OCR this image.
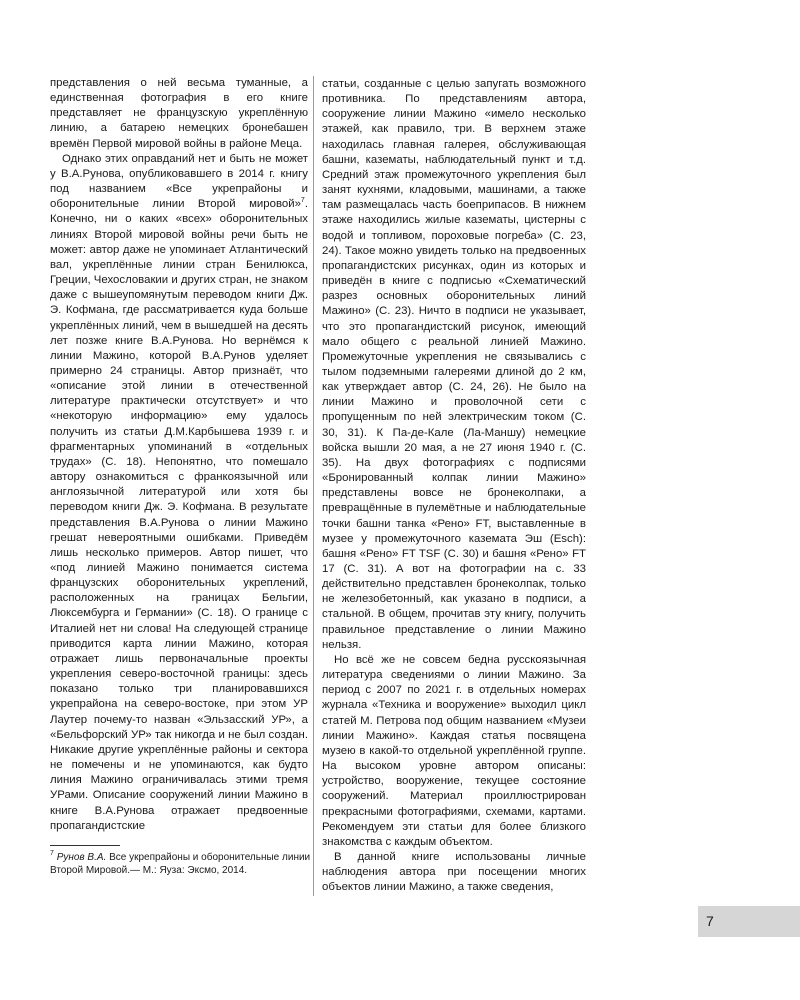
представления о ней весьма туманные, а единственная фотография в его книге представляет не французскую укреплённую линию, а батарею немецких бронебашен времён Первой мировой войны в районе Меца.

Однако этих оправданий нет и быть не может у В.А.Рунова, опубликовавшего в 2014 г. книгу под названием «Все укрепрайоны и оборонительные линии Второй мировой»$^7$. Конечно, ни о каких «всех» оборонительных линиях Второй мировой войны речи быть не может: автор даже не упоминает Атлантический вал, укреплённые линии стран Бенилюкса, Греции, Чехословакии и других стран, не знаком даже с вышеупомянутым переводом книги Дж. Э. Кофмана, где рассматривается куда больше укреплённых линий, чем в вышедшей на десять лет позже книге В.А.Рунова. Но вернёмся к линии Мажино, которой В.А.Рунов уделяет примерно 24 страницы. Автор признаёт, что «описание этой линии в отечественной литературе практически отсутствует» и что «некоторую информацию» ему удалось получить из статьи Д.М.Карбышева 1939 г. и фрагментарных упоминаний в «отдельных трудах» (С. 18). Непонятно, что помешало автору ознакомиться с франкоязычной или англоязычной литературой или хотя бы переводом книги Дж. Э. Кофмана. В результате представления В.А.Рунова о линии Мажино грешат невероятными ошибками. Приведём лишь несколько примеров. Автор пишет, что «под линией Мажино понимается система французских оборонительных укреплений, расположенных на границах Бельгии, Люксембурга и Германии» (С. 18). О границе с Италией нет ни слова! На следующей странице приводится карта линии Мажино, которая отражает лишь первоначальные проекты укрепления северо-восточной границы: здесь показано только три планировавшихся укрепрайона на северо-востоке, при этом УР Лаутер почему-то назван «Эльзасский УР», а «Бельфорский УР» так никогда и не был создан. Никакие другие укреплённые районы и сектора не помечены и не упоминаются, как будто линия Мажино ограничивалась этими тремя УРами. Описание сооружений линии Мажино в книге В.А.Рунова отражает предвоенные пропагандистские

статьи, созданные с целью запугать возможного противника. По представлениям автора, сооружение линии Мажино «имело несколько этажей, как правило, три. В верхнем этаже находилась главная галерея, обслуживающая башни, казематы, наблюдательный пункт и т.д. Средний этаж промежуточного укрепления был занят кухнями, кладовыми, машинами, а также там размещалась часть боеприпасов. В нижнем этаже находились жилые казематы, цистерны с водой и топливом, пороховые погреба» (С. 23, 24). Такое можно увидеть только на предвоенных пропагандистских рисунках, один из которых и приведён в книге с подписью «Схематический разрез основных оборонительных линий Мажино» (С. 23). Ничто в подписи не указывает, что это пропагандистский рисунок, имеющий мало общего с реальной линией Мажино. Промежуточные укрепления не связывались с тылом подземными галереями длиной до 2 км, как утверждает автор (С. 24, 26). Не было на линии Мажино и проволочной сети с пропущенным по ней электрическим током (С. 30, 31). К Па-де-Кале (Ла-Маншу) немецкие войска вышли 20 мая, а не 27 июня 1940 г. (С. 35). На двух фотографиях с подписями «Бронированный колпак линии Мажино» представлены вовсе не бронеколпаки, а превращённые в пулемётные и наблюдательные точки башни танка «Рено» FT, выставленные в музее у промежуточного каземата Эш (Esch): башня «Рено» FT TSF (С. 30) и башня «Рено» FT 17 (С. 31). А вот на фотографии на с. 33 действительно представлен бронеколпак, только не железобетонный, как указано в подписи, а стальной. В общем, прочитав эту книгу, получить правильное представление о линии Мажино нельзя.

Но всё же не совсем бедна русскоязычная литература сведениями о линии Мажино. За период с 2007 по 2021 г. в отдельных номерах журнала «Техника и вооружение» выходил цикл статей М. Петрова под общим названием «Музеи линии Мажино». Каждая статья посвящена музею в какой-то отдельной укреплённой группе. На высоком уровне автором описаны: устройство, вооружение, текущее состояние сооружений. Материал проиллюстрирован прекрасными фотографиями, схемами, картами. Рекомендуем эти статьи для более близкого знакомства с каждым объектом.

В данной книге использованы личные наблюдения автора при посещении многих объектов линии Мажино, а также сведения,

$^7$ Рунов В.А. Все укрепрайоны и оборонительные линии Второй Мировой.— М.: Яуза: Эксмо, 2014.
7
